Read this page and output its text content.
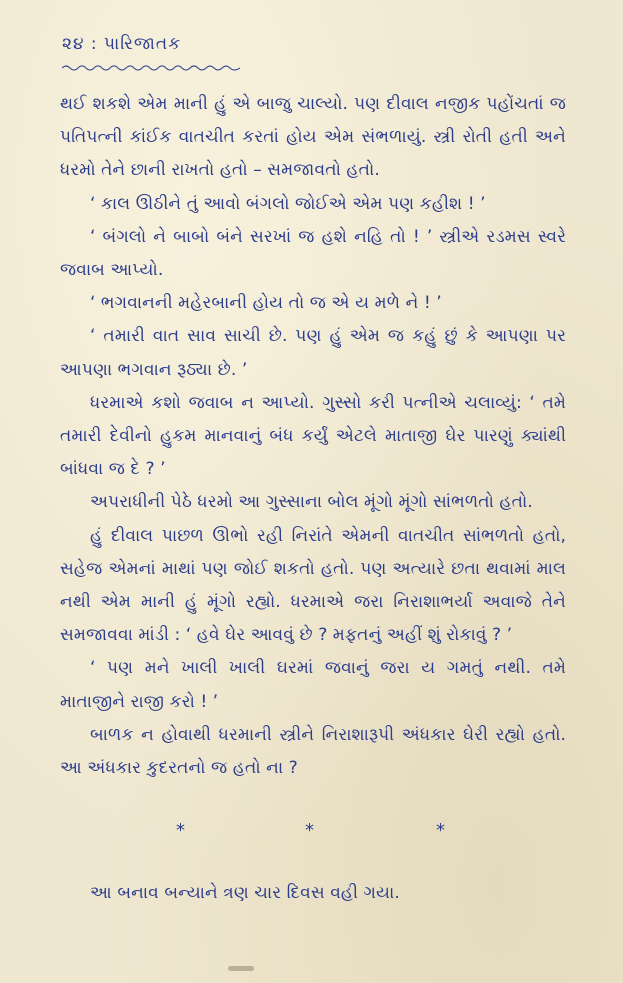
૨૪ : પારિજાતક

થઈ શકશે એમ માની હું એ બાજુ ચાલ્યો. પણ દીવાલ નજીક પહોંચતાં જ પતિપત્ની કાંઈક વાતચીત કરતાં હોય એમ સંભળાયું. સ્ત્રી રોતી હતી અને ધરમો તેને છાની રાખતો હતો – સમજાવતો હતો.

‘ કાલ ઊઠીને તું આવો બંગલો જોઈએ એમ પણ કહીશ ! ’

‘ બંગલો ને બાબો બંને સરખાં જ હશે નહિ તો ! ’ સ્ત્રીએ રડમસ સ્વરે જવાબ આપ્યો.

‘ ભગવાનની મહેરબાની હોય તો જ એ ય મળે ને ! ’

‘ તમારી વાત સાવ સાચી છે. પણ હું એમ જ કહું છું કે આપણા પર આપણા ભગવાન રૂઠ્યા છે. ’

ધરમાએ કશો જવાબ ન આપ્યો. ગુસ્સો કરી પત્નીએ ચલાવ્યું: ‘ તમે તમારી દેવીનો હુકમ માનવાનું બંધ કર્યું એટલે માતાજી ઘેર પારણું ક્યાંથી બાંધવા જ દે ? ’

અપરાધીની પેઠે ધરમો આ ગુસ્સાના બોલ મૂંગો મૂંગો સાંભળતો હતો.

હું દીવાલ પાછળ ઊભો રહી નિરાંતે એમની વાતચીત સાંભળતો હતો, સહેજ એમનાં માથાં પણ જોઈ શકતો હતો. પણ અત્યારે છતા થવામાં માલ નથી એમ માની હું મૂંગો રહ્યો. ધરમાએ જરા નિરાશાભર્યા અવાજે તેને સમજાવવા માંડી : ‘ હવે ઘેર આવવું છે ? મફતનું અહીં શું રોકાવું ? ’

‘ પણ મને ખાલી ખાલી ઘરમાં જવાનું જરા ય ગમતું નથી. તમે માતાજીને રાજી કરો ! ’

બાળક ન હોવાથી ધરમાની સ્ત્રીને નિરાશારૂપી અંધકાર ઘેરી રહ્યો હતો. આ અંધકાર કુદરતનો જ હતો ના ?

*	*	*

આ બનાવ બન્યાને ત્રણ ચાર દિવસ વહી ગયા.
